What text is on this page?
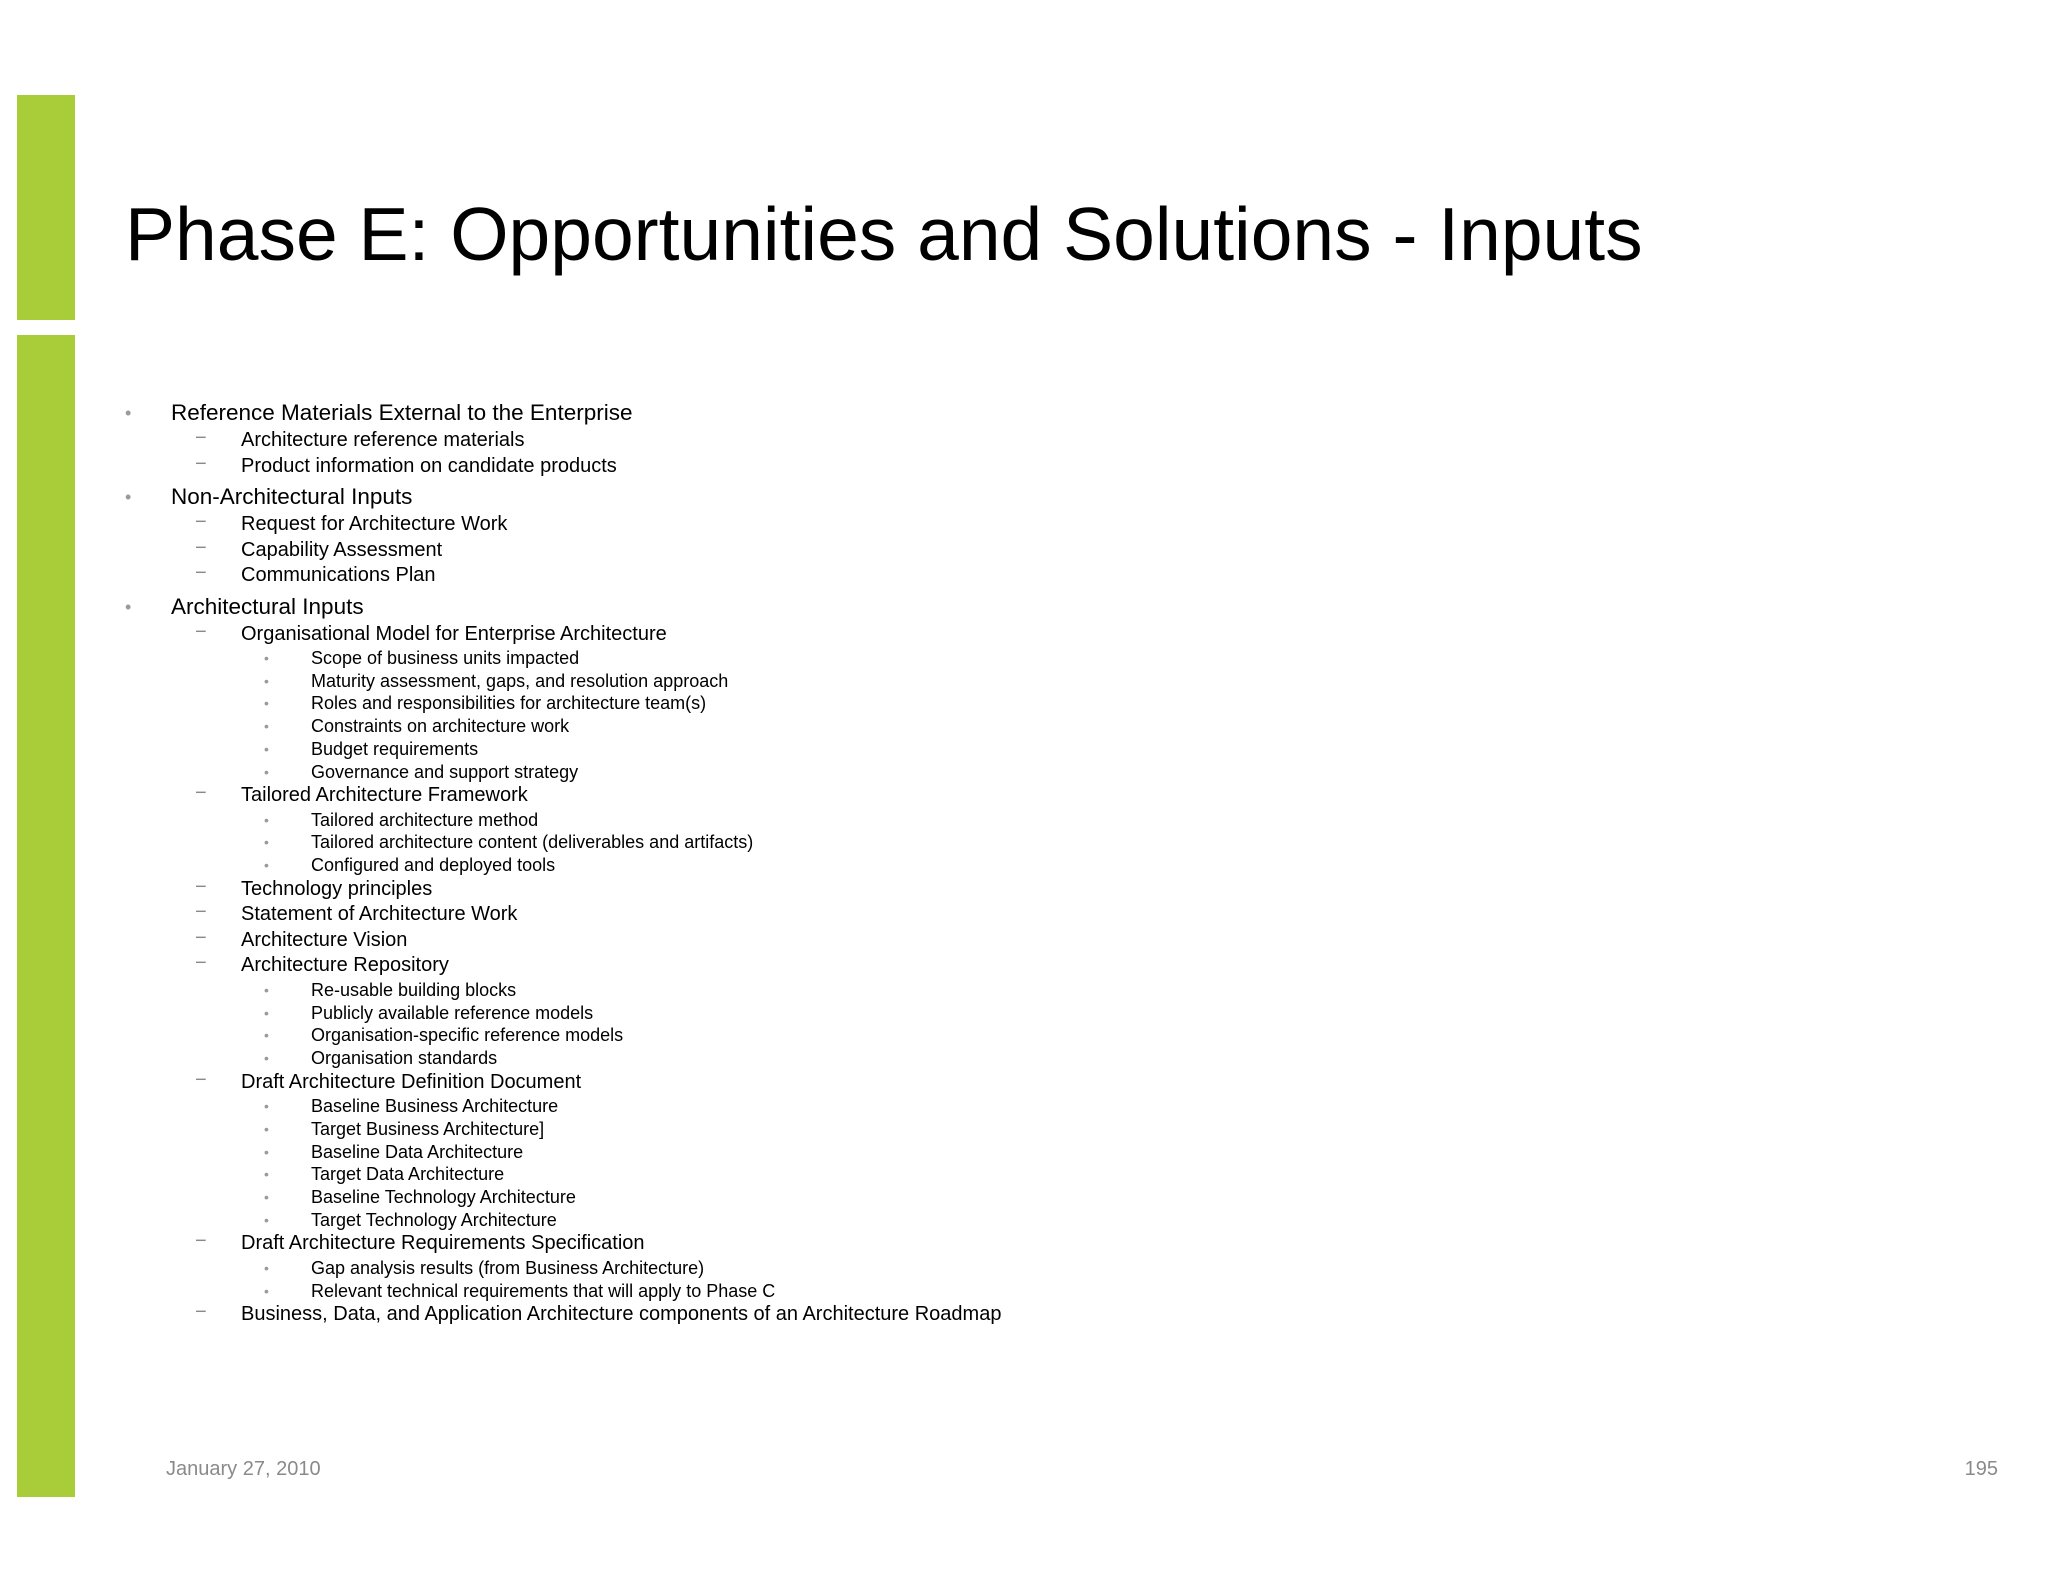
Phase E: Opportunities and Solutions - Inputs
• Reference Materials External to the Enterprise
− Architecture reference materials
− Product information on candidate products
• Non-Architectural Inputs
− Request for Architecture Work
− Capability Assessment
− Communications Plan
• Architectural Inputs
− Organisational Model for Enterprise Architecture
• Scope of business units impacted
• Maturity assessment, gaps, and resolution approach
• Roles and responsibilities for architecture team(s)
• Constraints on architecture work
• Budget requirements
• Governance and support strategy
− Tailored Architecture Framework
• Tailored architecture method
• Tailored architecture content (deliverables and artifacts)
• Configured and deployed tools
− Technology principles
− Statement of Architecture Work
− Architecture Vision
− Architecture Repository
• Re-usable building blocks
• Publicly available reference models
• Organisation-specific reference models
• Organisation standards
− Draft Architecture Definition Document
• Baseline Business Architecture
• Target Business Architecture]
• Baseline Data Architecture
• Target Data Architecture
• Baseline Technology Architecture
• Target Technology Architecture
− Draft Architecture Requirements Specification
• Gap analysis results (from Business Architecture)
• Relevant technical requirements that will apply to Phase C
− Business, Data, and Application Architecture components of an Architecture Roadmap
January 27, 2010	195
